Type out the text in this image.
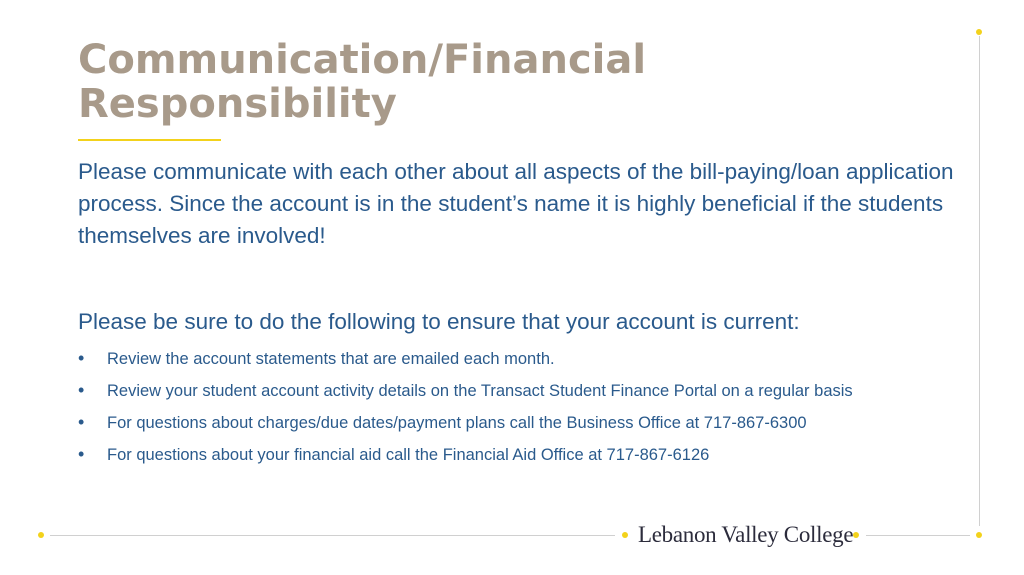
Communication/Financial Responsibility

Please communicate with each other about all aspects of the bill-paying/loan application process. Since the account is in the student’s name it is highly beneficial if the students themselves are involved!

Please be sure to do the following to ensure that your account is current:

• Review the account statements that are emailed each month.
• Review your student account activity details on the Transact Student Finance Portal on a regular basis
• For questions about charges/due dates/payment plans call the Business Office at 717-867-6300
• For questions about your financial aid call the Financial Aid Office at 717-867-6126
Lebanon Valley College
